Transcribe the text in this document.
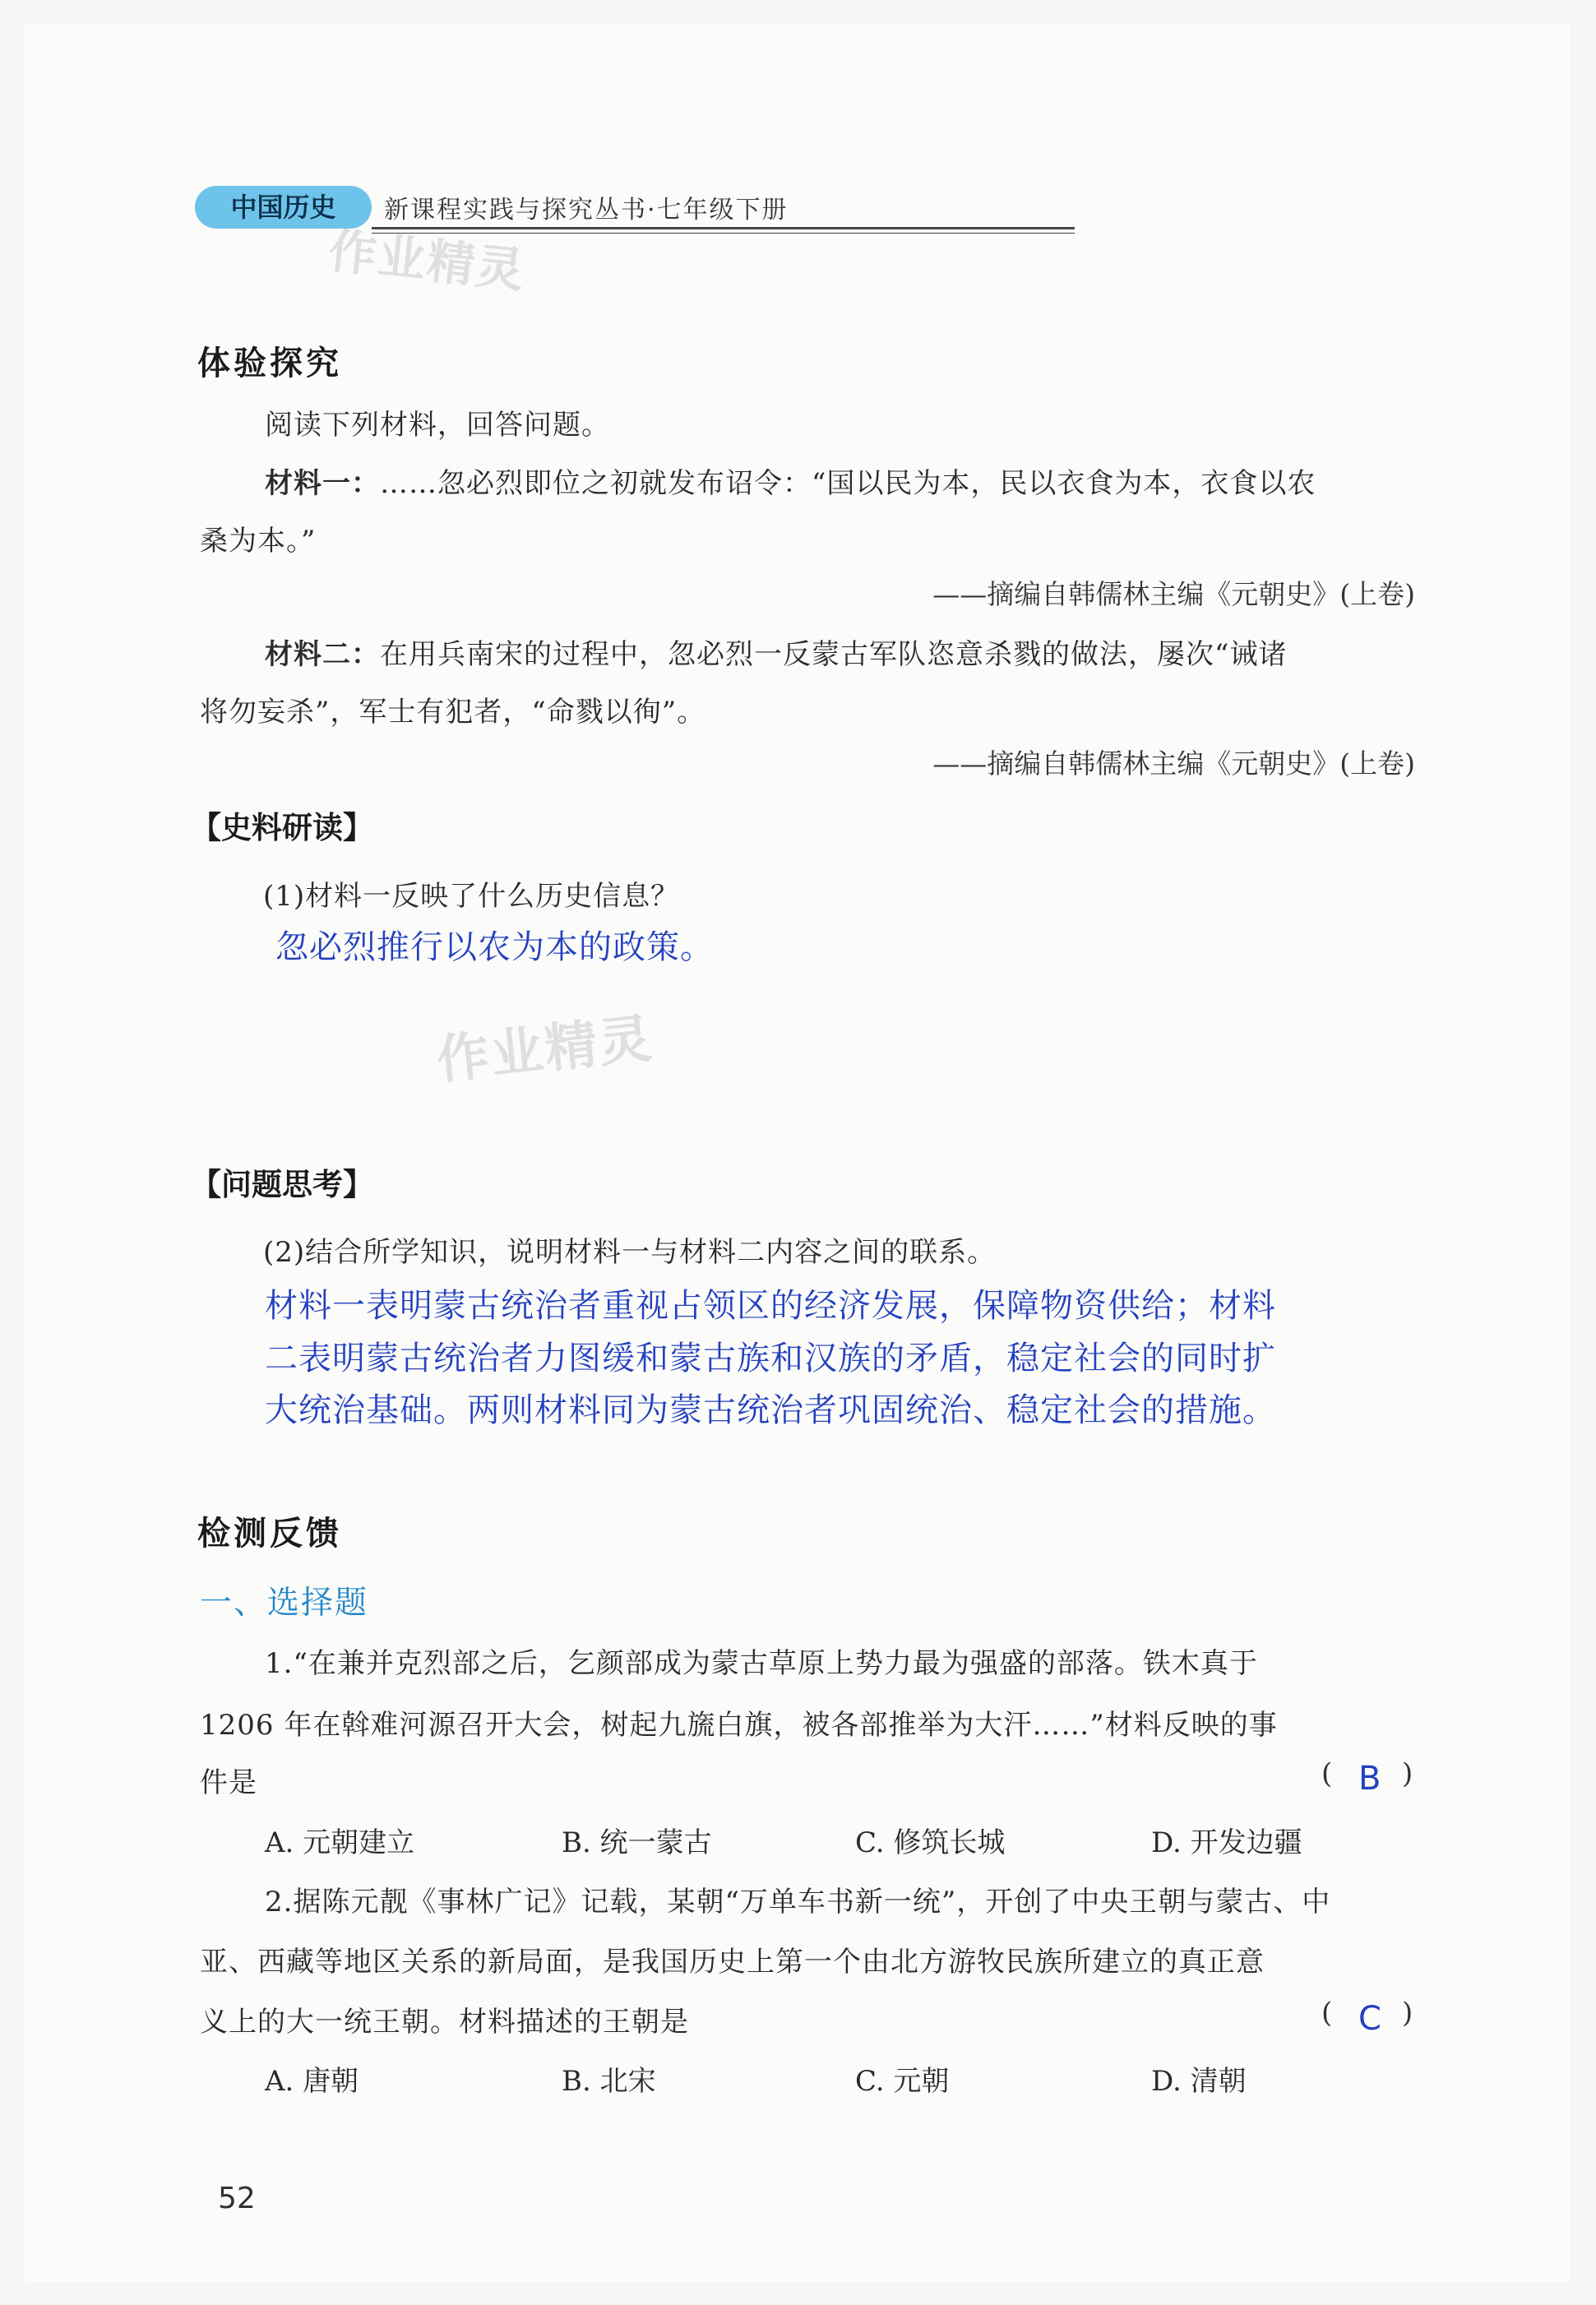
中国历史	新课程实践与探究丛书·七年级下册
作业精灵
作业精灵
体验探究
阅读下列材料，回答问题。
材料一：……忽必烈即位之初就发布诏令：“国以民为本，民以衣食为本，衣食以农
桑为本。”
——摘编自韩儒林主编《元朝史》(上卷)
材料二：在用兵南宋的过程中，忽必烈一反蒙古军队恣意杀戮的做法，屡次“诫诸
将勿妄杀”，军士有犯者，“命戮以徇”。
——摘编自韩儒林主编《元朝史》(上卷)
【史料研读】
(1)材料一反映了什么历史信息？
忽必烈推行以农为本的政策。
【问题思考】
(2)结合所学知识，说明材料一与材料二内容之间的联系。
材料一表明蒙古统治者重视占领区的经济发展，保障物资供给；材料
二表明蒙古统治者力图缓和蒙古族和汉族的矛盾，稳定社会的同时扩
大统治基础。两则材料同为蒙古统治者巩固统治、稳定社会的措施。
检测反馈
一、选择题
1.“在兼并克烈部之后，乞颜部成为蒙古草原上势力最为强盛的部落。铁木真于
1206 年在斡难河源召开大会，树起九旒白旗，被各部推举为大汗……”材料反映的事
件是	( B )
A. 元朝建立	B. 统一蒙古	C. 修筑长城	D. 开发边疆
2.据陈元靓《事林广记》记载，某朝“万单车书新一统”，开创了中央王朝与蒙古、中
亚、西藏等地区关系的新局面，是我国历史上第一个由北方游牧民族所建立的真正意
义上的大一统王朝。材料描述的王朝是	( C )
A. 唐朝	B. 北宋	C. 元朝	D. 清朝
52
